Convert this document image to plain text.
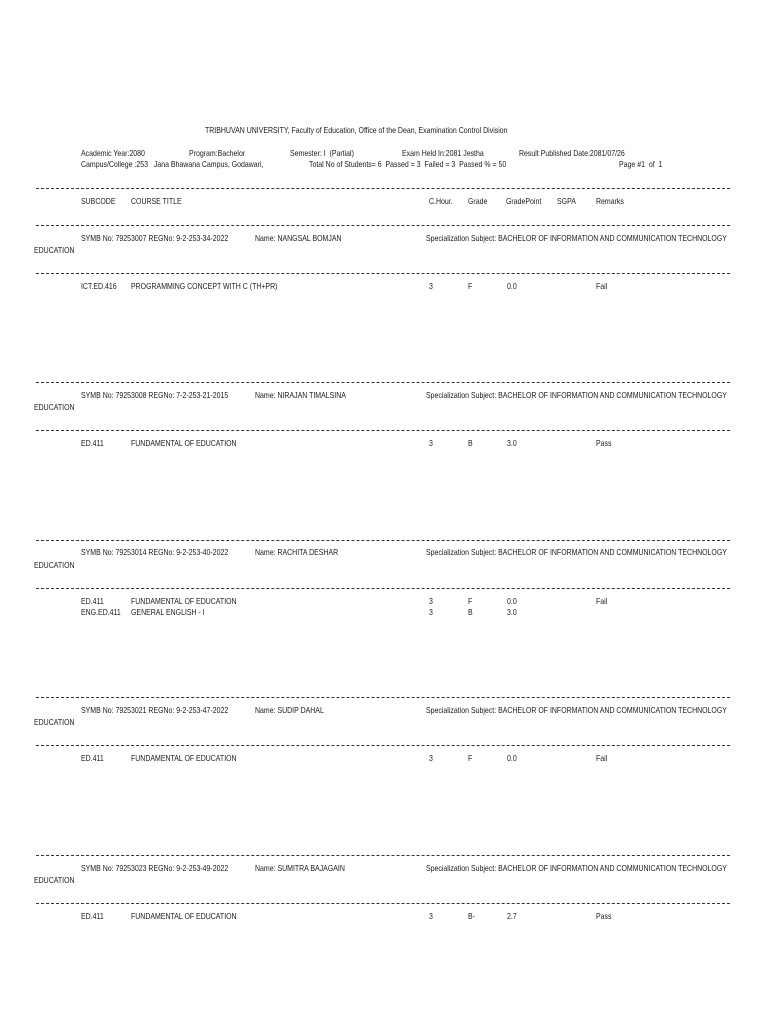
TRIBHUVAN UNIVERSITY, Faculty of Education, Office of the Dean, Examination Control Division
Academic Year:2080	Program:Bachelor	Semester: I  (Partial)	Exam Held In:2081 Jestha	Result Published Date:2081/07/26
Campus/College :253   Jana Bhawana Campus, Godawari,	Total No of Students= 6  Passed = 3  Failed = 3  Passed % = 50	Page #1  of  1
SUBCODE COURSE TITLE	C.Hour. Grade GradePoint SGPA Remarks
SYMB No: 79253007 REGNo: 9-2-253-34-2022	Name: NANGSAL BOMJAN	Specialization Subject: BACHELOR OF INFORMATION AND COMMUNICATION TECHNOLOGY
EDUCATION
ICT.ED.416 PROGRAMMING CONCEPT WITH C (TH+PR)	3	F	0.0	Fail
SYMB No: 79253008 REGNo: 7-2-253-21-2015	Name: NIRAJAN TIMALSINA	Specialization Subject: BACHELOR OF INFORMATION AND COMMUNICATION TECHNOLOGY
EDUCATION
ED.411	FUNDAMENTAL OF EDUCATION	3	B	3.0	Pass
SYMB No: 79253014 REGNo: 9-2-253-40-2022	Name: RACHITA DESHAR	Specialization Subject: BACHELOR OF INFORMATION AND COMMUNICATION TECHNOLOGY
EDUCATION
ED.411	FUNDAMENTAL OF EDUCATION	3	F	0.0	Fail
ENG.ED.411 GENERAL ENGLISH - I	3	B	3.0
SYMB No: 79253021 REGNo: 9-2-253-47-2022	Name: SUDIP DAHAL	Specialization Subject: BACHELOR OF INFORMATION AND COMMUNICATION TECHNOLOGY
EDUCATION
ED.411	FUNDAMENTAL OF EDUCATION	3	F	0.0	Fail
SYMB No: 79253023 REGNo: 9-2-253-49-2022	Name: SUMITRA BAJAGAIN	Specialization Subject: BACHELOR OF INFORMATION AND COMMUNICATION TECHNOLOGY
EDUCATION
ED.411	FUNDAMENTAL OF EDUCATION	3	B-	2.7	Pass
